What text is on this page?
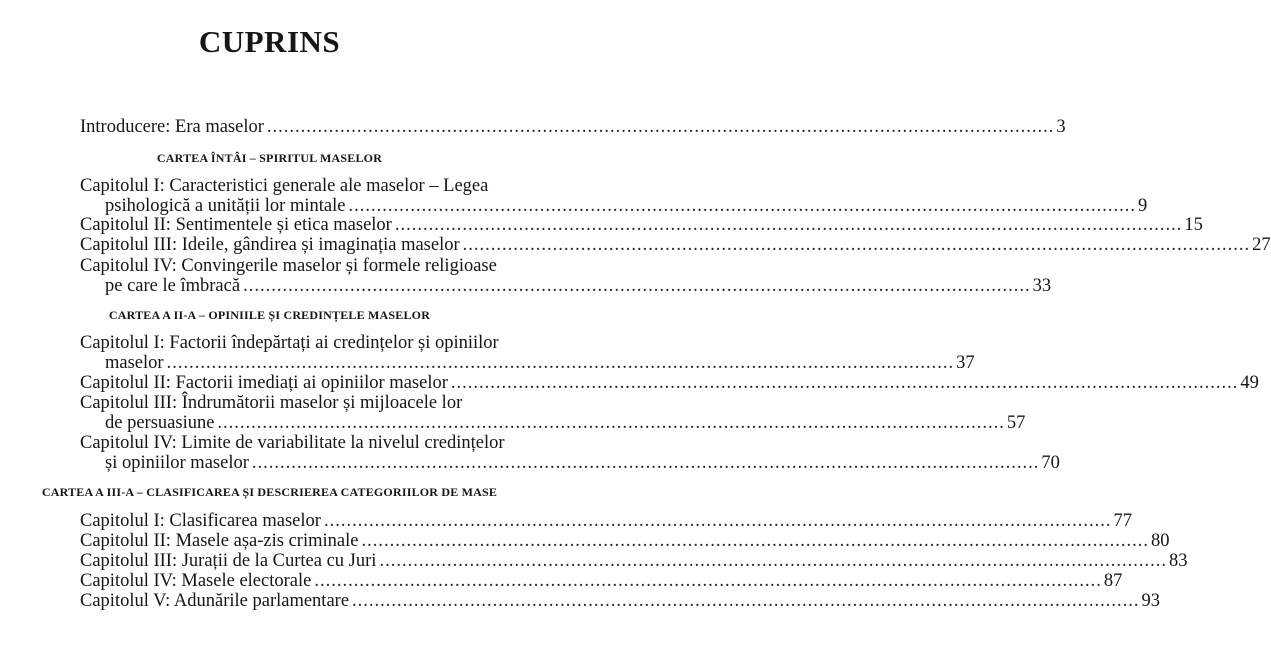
CUPRINS
Introducere: Era maselor ............................................................................................................................................ 3
CARTEA ÎNTÂI – SPIRITUL MASELOR
Capitolul I: Caracteristici generale ale maselor – Legea
psihologică a unității lor mintale ............................................................................................................................................ 9
Capitolul II: Sentimentele și etica maselor ............................................................................................................................................ 15
Capitolul III: Ideile, gândirea și imaginația maselor ............................................................................................................................................ 27
Capitolul IV: Convingerile maselor și formele religioase
pe care le îmbracă ............................................................................................................................................ 33
CARTEA A II-A – OPINIILE ȘI CREDINȚELE MASELOR
Capitolul I: Factorii îndepărtați ai credințelor și opiniilor
maselor ............................................................................................................................................ 37
Capitolul II: Factorii imediați ai opiniilor maselor ............................................................................................................................................ 49
Capitolul III: Îndrumătorii maselor și mijloacele lor
de persuasiune ............................................................................................................................................ 57
Capitolul IV: Limite de variabilitate la nivelul credințelor
și opiniilor maselor ............................................................................................................................................ 70
CARTEA A III-A – CLASIFICAREA ȘI DESCRIEREA CATEGORIILOR DE MASE
Capitolul I: Clasificarea maselor ............................................................................................................................................ 77
Capitolul II: Masele așa-zis criminale ............................................................................................................................................ 80
Capitolul III: Jurații de la Curtea cu Juri ............................................................................................................................................ 83
Capitolul IV: Masele electorale ............................................................................................................................................ 87
Capitolul V: Adunările parlamentare ............................................................................................................................................ 93
